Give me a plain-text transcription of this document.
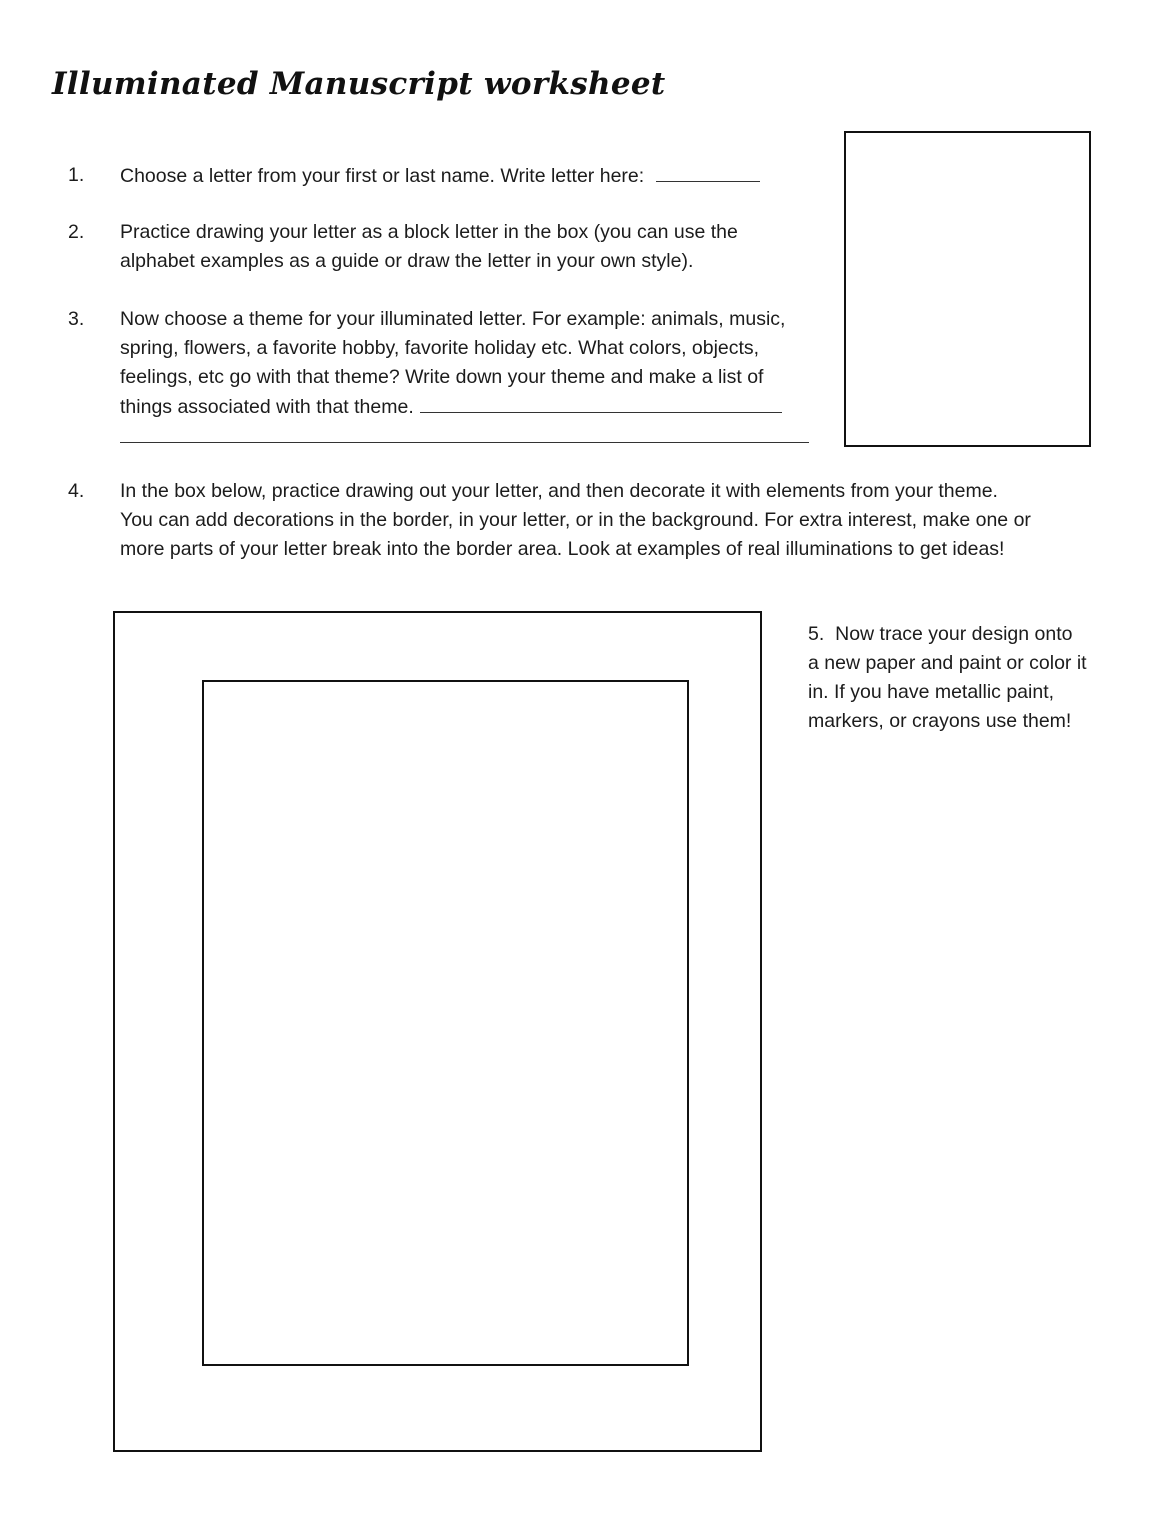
Illuminated Manuscript worksheet
1.	Choose a letter from your first or last name. Write letter here:
2.	Practice drawing your letter as a block letter in the box (you can use the
alphabet examples as a guide or draw the letter in your own style).
3.	Now choose a theme for your illuminated letter. For example: animals, music,
spring, flowers, a favorite hobby, favorite holiday etc. What colors, objects,
feelings, etc go with that theme? Write down your theme and make a list of
things associated with that theme.
4.	In the box below, practice drawing out your letter, and then decorate it with elements from your theme.
You can add decorations in the border, in your letter, or in the background. For extra interest, make one or
more parts of your letter break into the border area. Look at examples of real illuminations to get ideas!
5. Now trace your design onto
a new paper and paint or color it
in. If you have metallic paint,
markers, or crayons use them!
